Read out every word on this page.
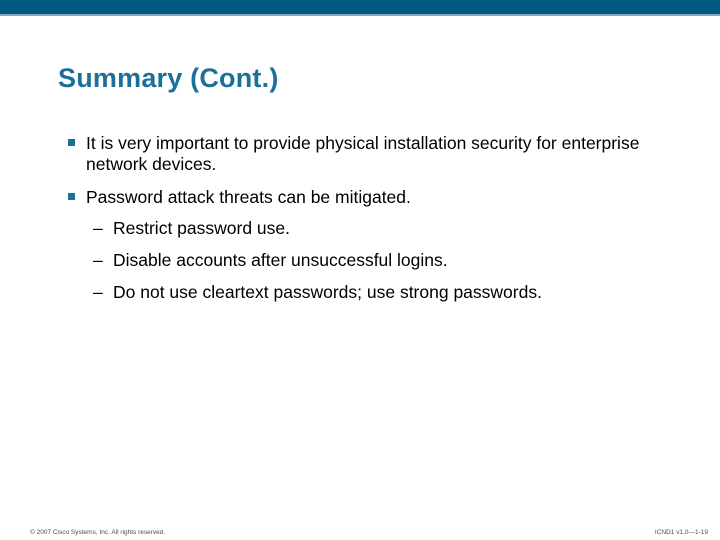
Summary (Cont.)
It is very important to provide physical installation security for enterprise network devices.
Password attack threats can be mitigated.
– Restrict password use.
– Disable accounts after unsuccessful logins.
– Do not use cleartext passwords; use strong passwords.
© 2007 Cisco Systems, Inc. All rights reserved.	ICND1 v1.0—1-19
